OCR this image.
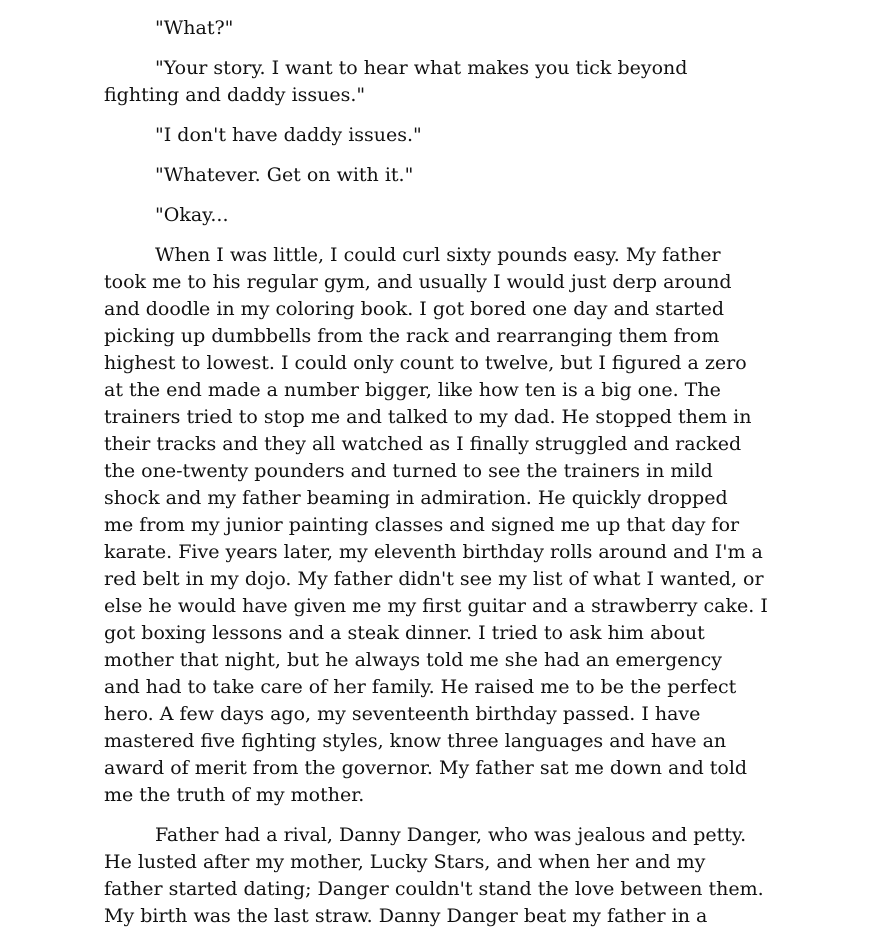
"What?"

"Your story. I want to hear what makes you tick beyond
fighting and daddy issues."

"I don't have daddy issues."

"Whatever. Get on with it."

"Okay...

When I was little, I could curl sixty pounds easy. My father
took me to his regular gym, and usually I would just derp around
and doodle in my coloring book. I got bored one day and started
picking up dumbbells from the rack and rearranging them from
highest to lowest. I could only count to twelve, but I figured a zero
at the end made a number bigger, like how ten is a big one. The
trainers tried to stop me and talked to my dad. He stopped them in
their tracks and they all watched as I finally struggled and racked
the one-twenty pounders and turned to see the trainers in mild
shock and my father beaming in admiration. He quickly dropped
me from my junior painting classes and signed me up that day for
karate. Five years later, my eleventh birthday rolls around and I'm a
red belt in my dojo. My father didn't see my list of what I wanted, or
else he would have given me my first guitar and a strawberry cake. I
got boxing lessons and a steak dinner. I tried to ask him about
mother that night, but he always told me she had an emergency
and had to take care of her family. He raised me to be the perfect
hero. A few days ago, my seventeenth birthday passed. I have
mastered five fighting styles, know three languages and have an
award of merit from the governor. My father sat me down and told
me the truth of my mother.

Father had a rival, Danny Danger, who was jealous and petty.
He lusted after my mother, Lucky Stars, and when her and my
father started dating; Danger couldn't stand the love between them.
My birth was the last straw. Danny Danger beat my father in a
